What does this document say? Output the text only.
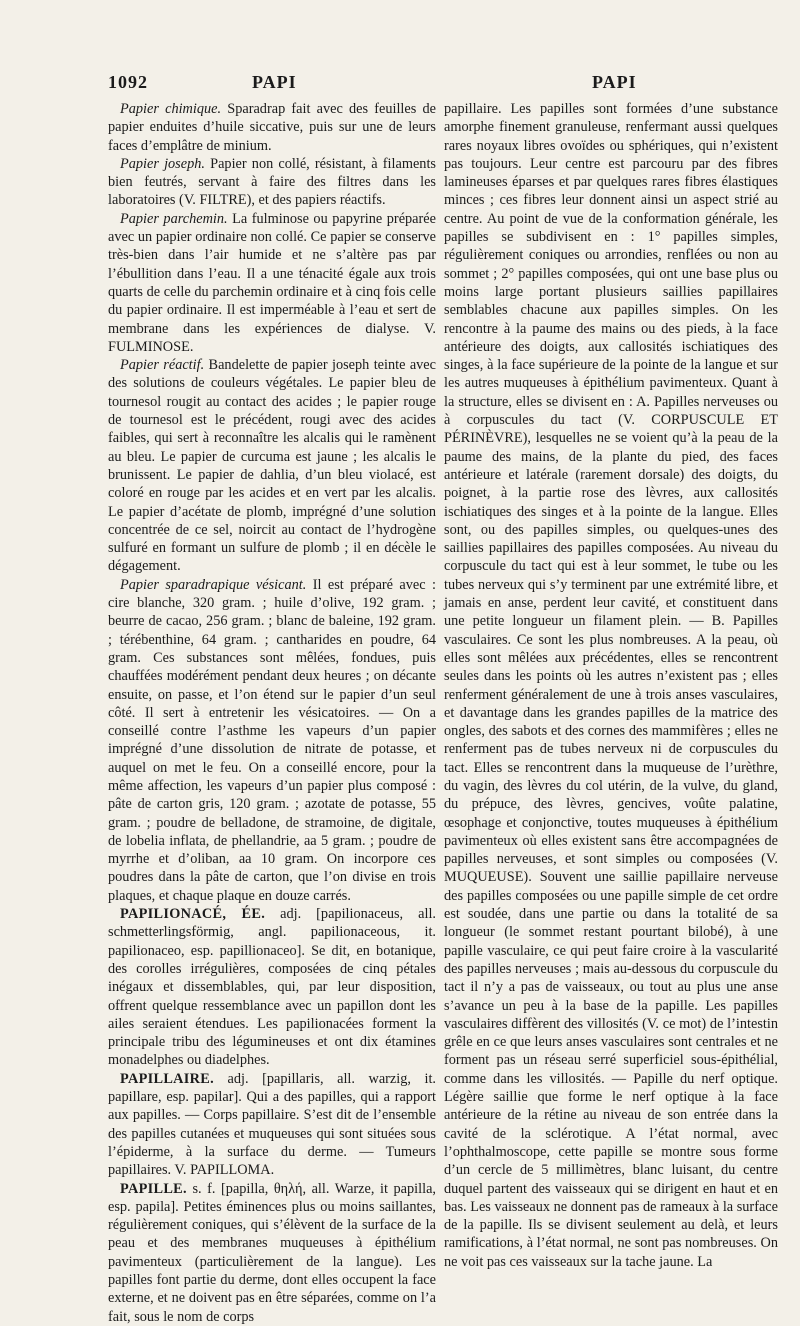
1092	PAPI	PAPI

Papier chimique. Sparadrap fait avec des feuilles de papier enduites d’huile siccative, puis sur une de leurs faces d’emplâtre de minium.

Papier joseph. Papier non collé, résistant, à filaments bien feutrés, servant à faire des filtres dans les laboratoires (V. FILTRE), et des papiers réactifs.

Papier parchemin. La fulminose ou papyrine préparée avec un papier ordinaire non collé. Ce papier se conserve très-bien dans l’air humide et ne s’altère pas par l’ébullition dans l’eau. Il a une ténacité égale aux trois quarts de celle du parchemin ordinaire et à cinq fois celle du papier ordinaire. Il est imperméable à l’eau et sert de membrane dans les expériences de dialyse. V. FULMINOSE.

Papier réactif. Bandelette de papier joseph teinte avec des solutions de couleurs végétales. Le papier bleu de tournesol rougit au contact des acides ; le papier rouge de tournesol est le précédent, rougi avec des acides faibles, qui sert à reconnaître les alcalis qui le ramènent au bleu. Le papier de curcuma est jaune ; les alcalis le brunissent. Le papier de dahlia, d’un bleu violacé, est coloré en rouge par les acides et en vert par les alcalis. Le papier d’acétate de plomb, imprégné d’une solution concentrée de ce sel, noircit au contact de l’hydrogène sulfuré en formant un sulfure de plomb ; il en décèle le dégagement.

Papier sparadrapique vésicant. Il est préparé avec : cire blanche, 320 gram. ; huile d’olive, 192 gram. ; beurre de cacao, 256 gram. ; blanc de baleine, 192 gram. ; térébenthine, 64 gram. ; cantharides en poudre, 64 gram. Ces substances sont mêlées, fondues, puis chauffées modérément pendant deux heures ; on décante ensuite, on passe, et l’on étend sur le papier d’un seul côté. Il sert à entretenir les vésicatoires. — On a conseillé contre l’asthme les vapeurs d’un papier imprégné d’une dissolution de nitrate de potasse, et auquel on met le feu. On a conseillé encore, pour la même affection, les vapeurs d’un papier plus composé : pâte de carton gris, 120 gram. ; azotate de potasse, 55 gram. ; poudre de belladone, de stramoine, de digitale, de lobelia inflata, de phellandrie, aa 5 gram. ; poudre de myrrhe et d’oliban, aa 10 gram. On incorpore ces poudres dans la pâte de carton, que l’on divise en trois plaques, et chaque plaque en douze carrés.

PAPILIONACÉ, ÉE. adj. [papilionaceus, all. schmetterlingsförmig, angl. papilionaceous, it. papilionaceo, esp. papillionaceo]. Se dit, en botanique, des corolles irrégulières, composées de cinq pétales inégaux et dissemblables, qui, par leur disposition, offrent quelque ressemblance avec un papillon dont les ailes seraient étendues. Les papilionacées forment la principale tribu des légumineuses et ont dix étamines monadelphes ou diadelphes.

PAPILLAIRE. adj. [papillaris, all. warzig, it. papillare, esp. papilar]. Qui a des papilles, qui a rapport aux papilles. — Corps papillaire. S’est dit de l’ensemble des papilles cutanées et muqueuses qui sont situées sous l’épiderme, à la surface du derme. — Tumeurs papillaires. V. PAPILLOMA.

PAPILLE. s. f. [papilla, θηλή, all. Warze, it papilla, esp. papila]. Petites éminences plus ou moins saillantes, régulièrement coniques, qui s’élèvent de la surface de la peau et des membranes muqueuses à épithélium pavimenteux (particulièrement de la langue). Les papilles font partie du derme, dont elles occupent la face externe, et ne doivent pas en être séparées, comme on l’a fait, sous le nom de corps

papillaire. Les papilles sont formées d’une substance amorphe finement granuleuse, renfermant aussi quelques rares noyaux libres ovoïdes ou sphériques, qui n’existent pas toujours. Leur centre est parcouru par des fibres lamineuses éparses et par quelques rares fibres élastiques minces ; ces fibres leur donnent ainsi un aspect strié au centre. Au point de vue de la conformation générale, les papilles se subdivisent en : 1° papilles simples, régulièrement coniques ou arrondies, renflées ou non au sommet ; 2° papilles composées, qui ont une base plus ou moins large portant plusieurs saillies papillaires semblables chacune aux papilles simples. On les rencontre à la paume des mains ou des pieds, à la face antérieure des doigts, aux callosités ischiatiques des singes, à la face supérieure de la pointe de la langue et sur les autres muqueuses à épithélium pavimenteux. Quant à la structure, elles se divisent en : A. Papilles nerveuses ou à corpuscules du tact (V. CORPUSCULE ET PÉRINÈVRE), lesquelles ne se voient qu’à la peau de la paume des mains, de la plante du pied, des faces antérieure et latérale (rarement dorsale) des doigts, du poignet, à la partie rose des lèvres, aux callosités ischiatiques des singes et à la pointe de la langue. Elles sont, ou des papilles simples, ou quelques-unes des saillies papillaires des papilles composées. Au niveau du corpuscule du tact qui est à leur sommet, le tube ou les tubes nerveux qui s’y terminent par une extrémité libre, et jamais en anse, perdent leur cavité, et constituent dans une petite longueur un filament plein. — B. Papilles vasculaires. Ce sont les plus nombreuses. A la peau, où elles sont mêlées aux précédentes, elles se rencontrent seules dans les points où les autres n’existent pas ; elles renferment généralement de une à trois anses vasculaires, et davantage dans les grandes papilles de la matrice des ongles, des sabots et des cornes des mammifères ; elles ne renferment pas de tubes nerveux ni de corpuscules du tact. Elles se rencontrent dans la muqueuse de l’urèthre, du vagin, des lèvres du col utérin, de la vulve, du gland, du prépuce, des lèvres, gencives, voûte palatine, œsophage et conjonctive, toutes muqueuses à épithélium pavimenteux où elles existent sans être accompagnées de papilles nerveuses, et sont simples ou composées (V. MUQUEUSE). Souvent une saillie papillaire nerveuse des papilles composées ou une papille simple de cet ordre est soudée, dans une partie ou dans la totalité de sa longueur (le sommet restant pourtant bilobé), à une papille vasculaire, ce qui peut faire croire à la vascularité des papilles nerveuses ; mais au-dessous du corpuscule du tact il n’y a pas de vaisseaux, ou tout au plus une anse s’avance un peu à la base de la papille. Les papilles vasculaires diffèrent des villosités (V. ce mot) de l’intestin grêle en ce que leurs anses vasculaires sont centrales et ne forment pas un réseau serré superficiel sous-épithélial, comme dans les villosités. — Papille du nerf optique. Légère saillie que forme le nerf optique à la face antérieure de la rétine au niveau de son entrée dans la cavité de la sclérotique. A l’état normal, avec l’ophthalmoscope, cette papille se montre sous forme d’un cercle de 5 millimètres, blanc luisant, du centre duquel partent des vaisseaux qui se dirigent en haut et en bas. Les vaisseaux ne donnent pas de rameaux à la surface de la papille. Ils se divisent seulement au delà, et leurs ramifications, à l’état normal, ne sont pas nombreuses. On ne voit pas ces vaisseaux sur la tache jaune. La
